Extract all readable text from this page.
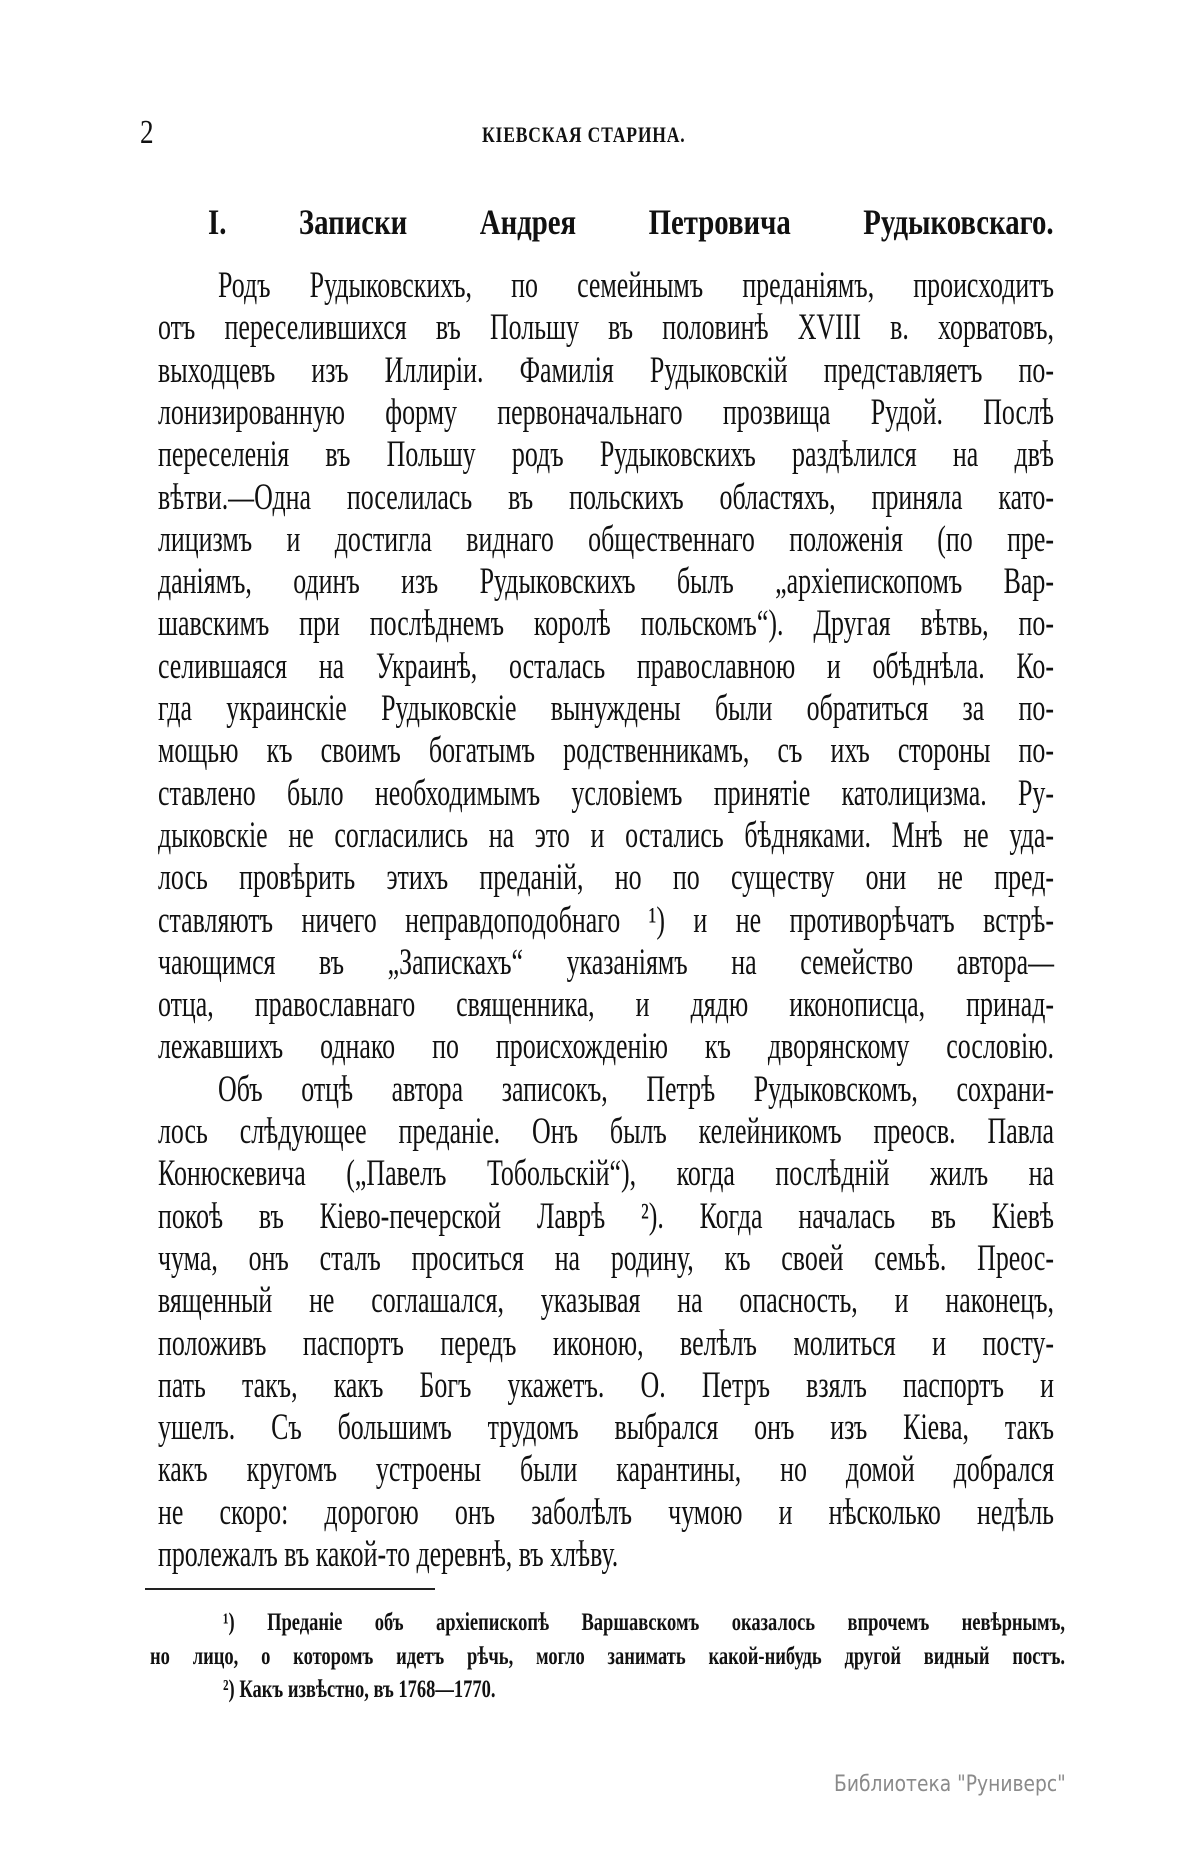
2	КІЕВСКАЯ СТАРИНА.
I. Записки Андрея Петровича Рудыковскаго.
Родъ Рудыковскихъ, по семейнымъ преданіямъ, происходитъ
отъ переселившихся въ Польшу въ половинѣ XVIII в. хорватовъ,
выходцевъ изъ Иллиріи. Фамилія Рудыковскій представляетъ по-
лонизированную форму первоначальнаго прозвища Рудой. Послѣ
переселенія въ Польшу родъ Рудыковскихъ раздѣлился на двѣ
вѣтви.—Одна поселилась въ польскихъ областяхъ, приняла като-
лицизмъ и достигла виднаго общественнаго положенія (по пре-
даніямъ, одинъ изъ Рудыковскихъ былъ „архіепископомъ Вар-
шавскимъ при послѣднемъ королѣ польскомъ“). Другая вѣтвь, по-
селившаяся на Украинѣ, осталась православною и обѣднѣла. Ко-
гда украинскіе Рудыковскіе вынуждены были обратиться за по-
мощью къ своимъ богатымъ родственникамъ, съ ихъ стороны по-
ставлено было необходимымъ условіемъ принятіе католицизма. Ру-
дыковскіе не согласились на это и остались бѣдняками. Мнѣ не уда-
лось провѣрить этихъ преданій, но по существу они не пред-
ставляютъ ничего неправдоподобнаго ¹) и не противорѣчатъ встрѣ-
чающимся въ „Запискахъ“ указаніямъ на семейство автора—
отца, православнаго священника, и дядю иконописца, принад-
лежавшихъ однако по происхожденію къ дворянскому сословію.
Объ отцѣ автора записокъ, Петрѣ Рудыковскомъ, сохрани-
лось слѣдующее преданіе. Онъ былъ келейникомъ преосв. Павла
Конюскевича („Павелъ Тобольскій“), когда послѣдній жилъ на
покоѣ въ Кіево-печерской Лаврѣ ²). Когда началась въ Кіевѣ
чума, онъ сталъ проситься на родину, къ своей семьѣ. Преос-
вященный не соглашался, указывая на опасность, и наконецъ,
положивъ паспортъ передъ иконою, велѣлъ молиться и посту-
пать такъ, какъ Богъ укажетъ. О. Петръ взялъ паспортъ и
ушелъ. Съ большимъ трудомъ выбрался онъ изъ Кіева, такъ
какъ кругомъ устроены были карантины, но домой добрался
не скоро: дорогою онъ заболѣлъ чумою и нѣсколько недѣль
пролежалъ въ какой-то деревнѣ, въ хлѣву.
¹) Преданіе объ архіепископѣ Варшавскомъ оказалось впрочемъ невѣрнымъ,
но лицо, о которомъ идетъ рѣчь, могло занимать какой-нибудь другой видный постъ.
²) Какъ извѣстно, въ 1768—1770.
Библиотека "Руниверс"
